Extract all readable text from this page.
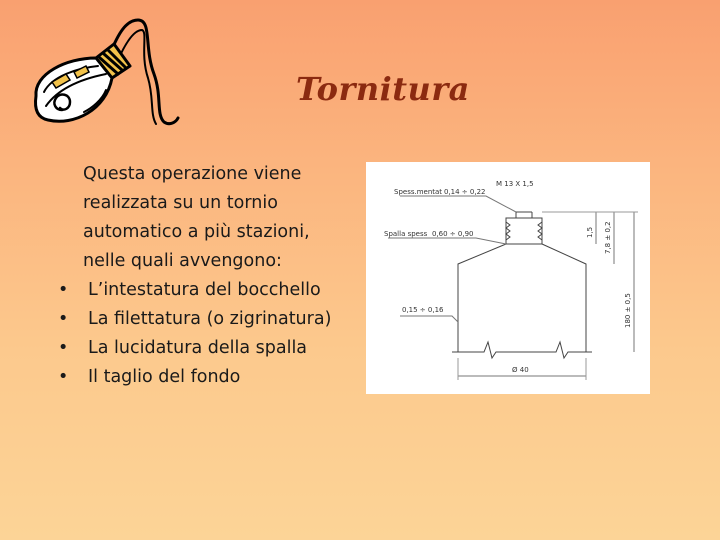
Tornitura

Questa operazione viene
realizzata su un tornio
automatico a più stazioni,
nelle quali avvengono:

• L’intestatura del bocchello
• La filettatura (o zigrinatura)
• La lucidatura della spalla
• Il taglio del fondo
M 13 X 1,5
Spess.mentat 0,14 ÷ 0,22
Spalla spess 0,60 ÷ 0,90
0,15 ÷ 0,16
1,5 7,8 ± 0,2
180 ± 0,5
Ø 40
